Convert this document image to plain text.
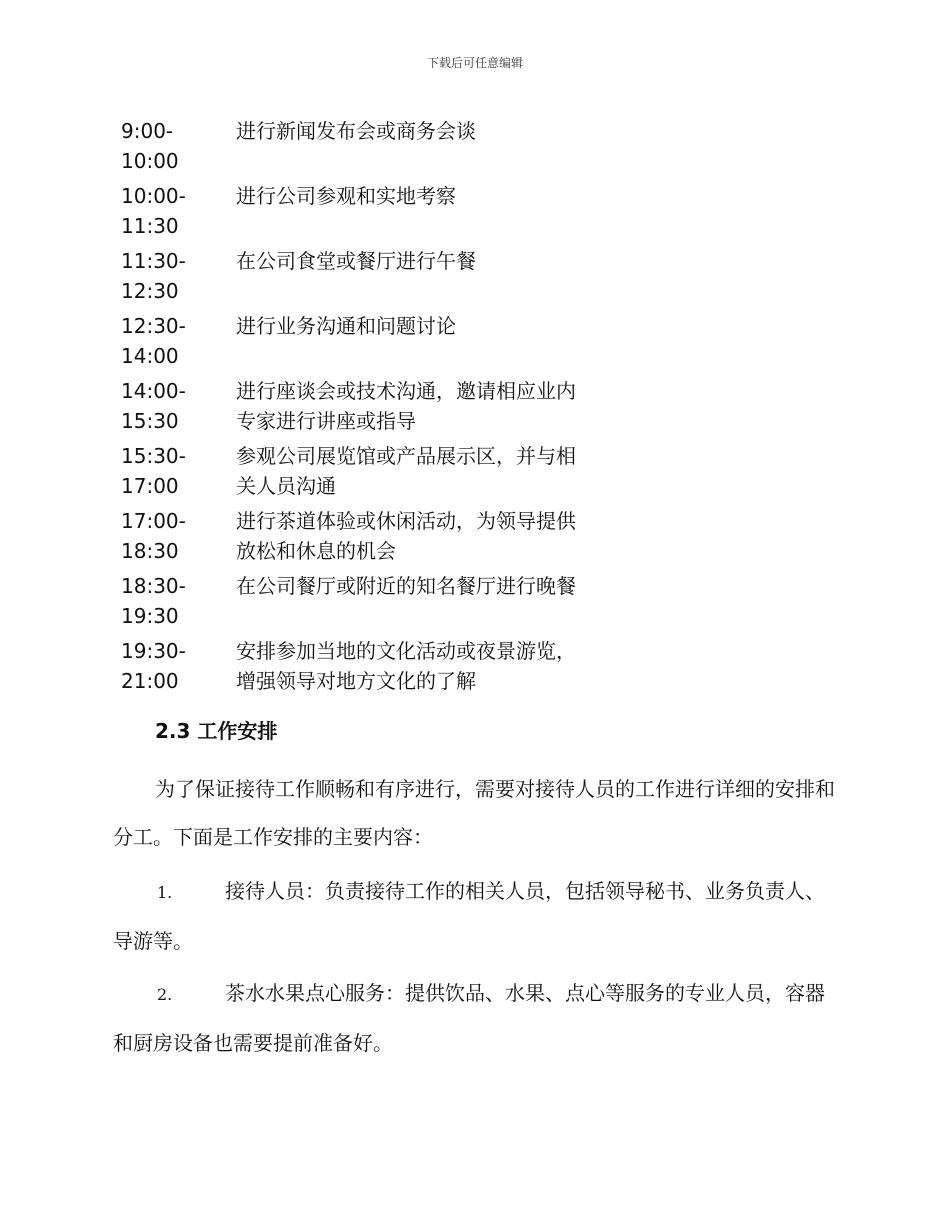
下载后可任意编辑
9:00-
10:00
进行新闻发布会或商务会谈
10:00-
11:30
进行公司参观和实地考察
11:30-
12:30
在公司食堂或餐厅进行午餐
12:30-
14:00
进行业务沟通和问题讨论
14:00-
15:30
进行座谈会或技术沟通，邀请相应业内专家进行讲座或指导
15:30-
17:00
参观公司展览馆或产品展示区，并与相关人员沟通
17:00-
18:30
进行茶道体验或休闲活动，为领导提供放松和休息的机会
18:30-
19:30
在公司餐厅或附近的知名餐厅进行晚餐
19:30-
21:00
安排参加当地的文化活动或夜景游览，增强领导对地方文化的了解
2.3 工作安排

为了保证接待工作顺畅和有序进行，需要对接待人员的工作进行详细的安排和分工。下面是工作安排的主要内容：

1.	接待人员：负责接待工作的相关人员，包括领导秘书、业务负责人、导游等。

2.	茶水水果点心服务：提供饮品、水果、点心等服务的专业人员，容器和厨房设备也需要提前准备好。
